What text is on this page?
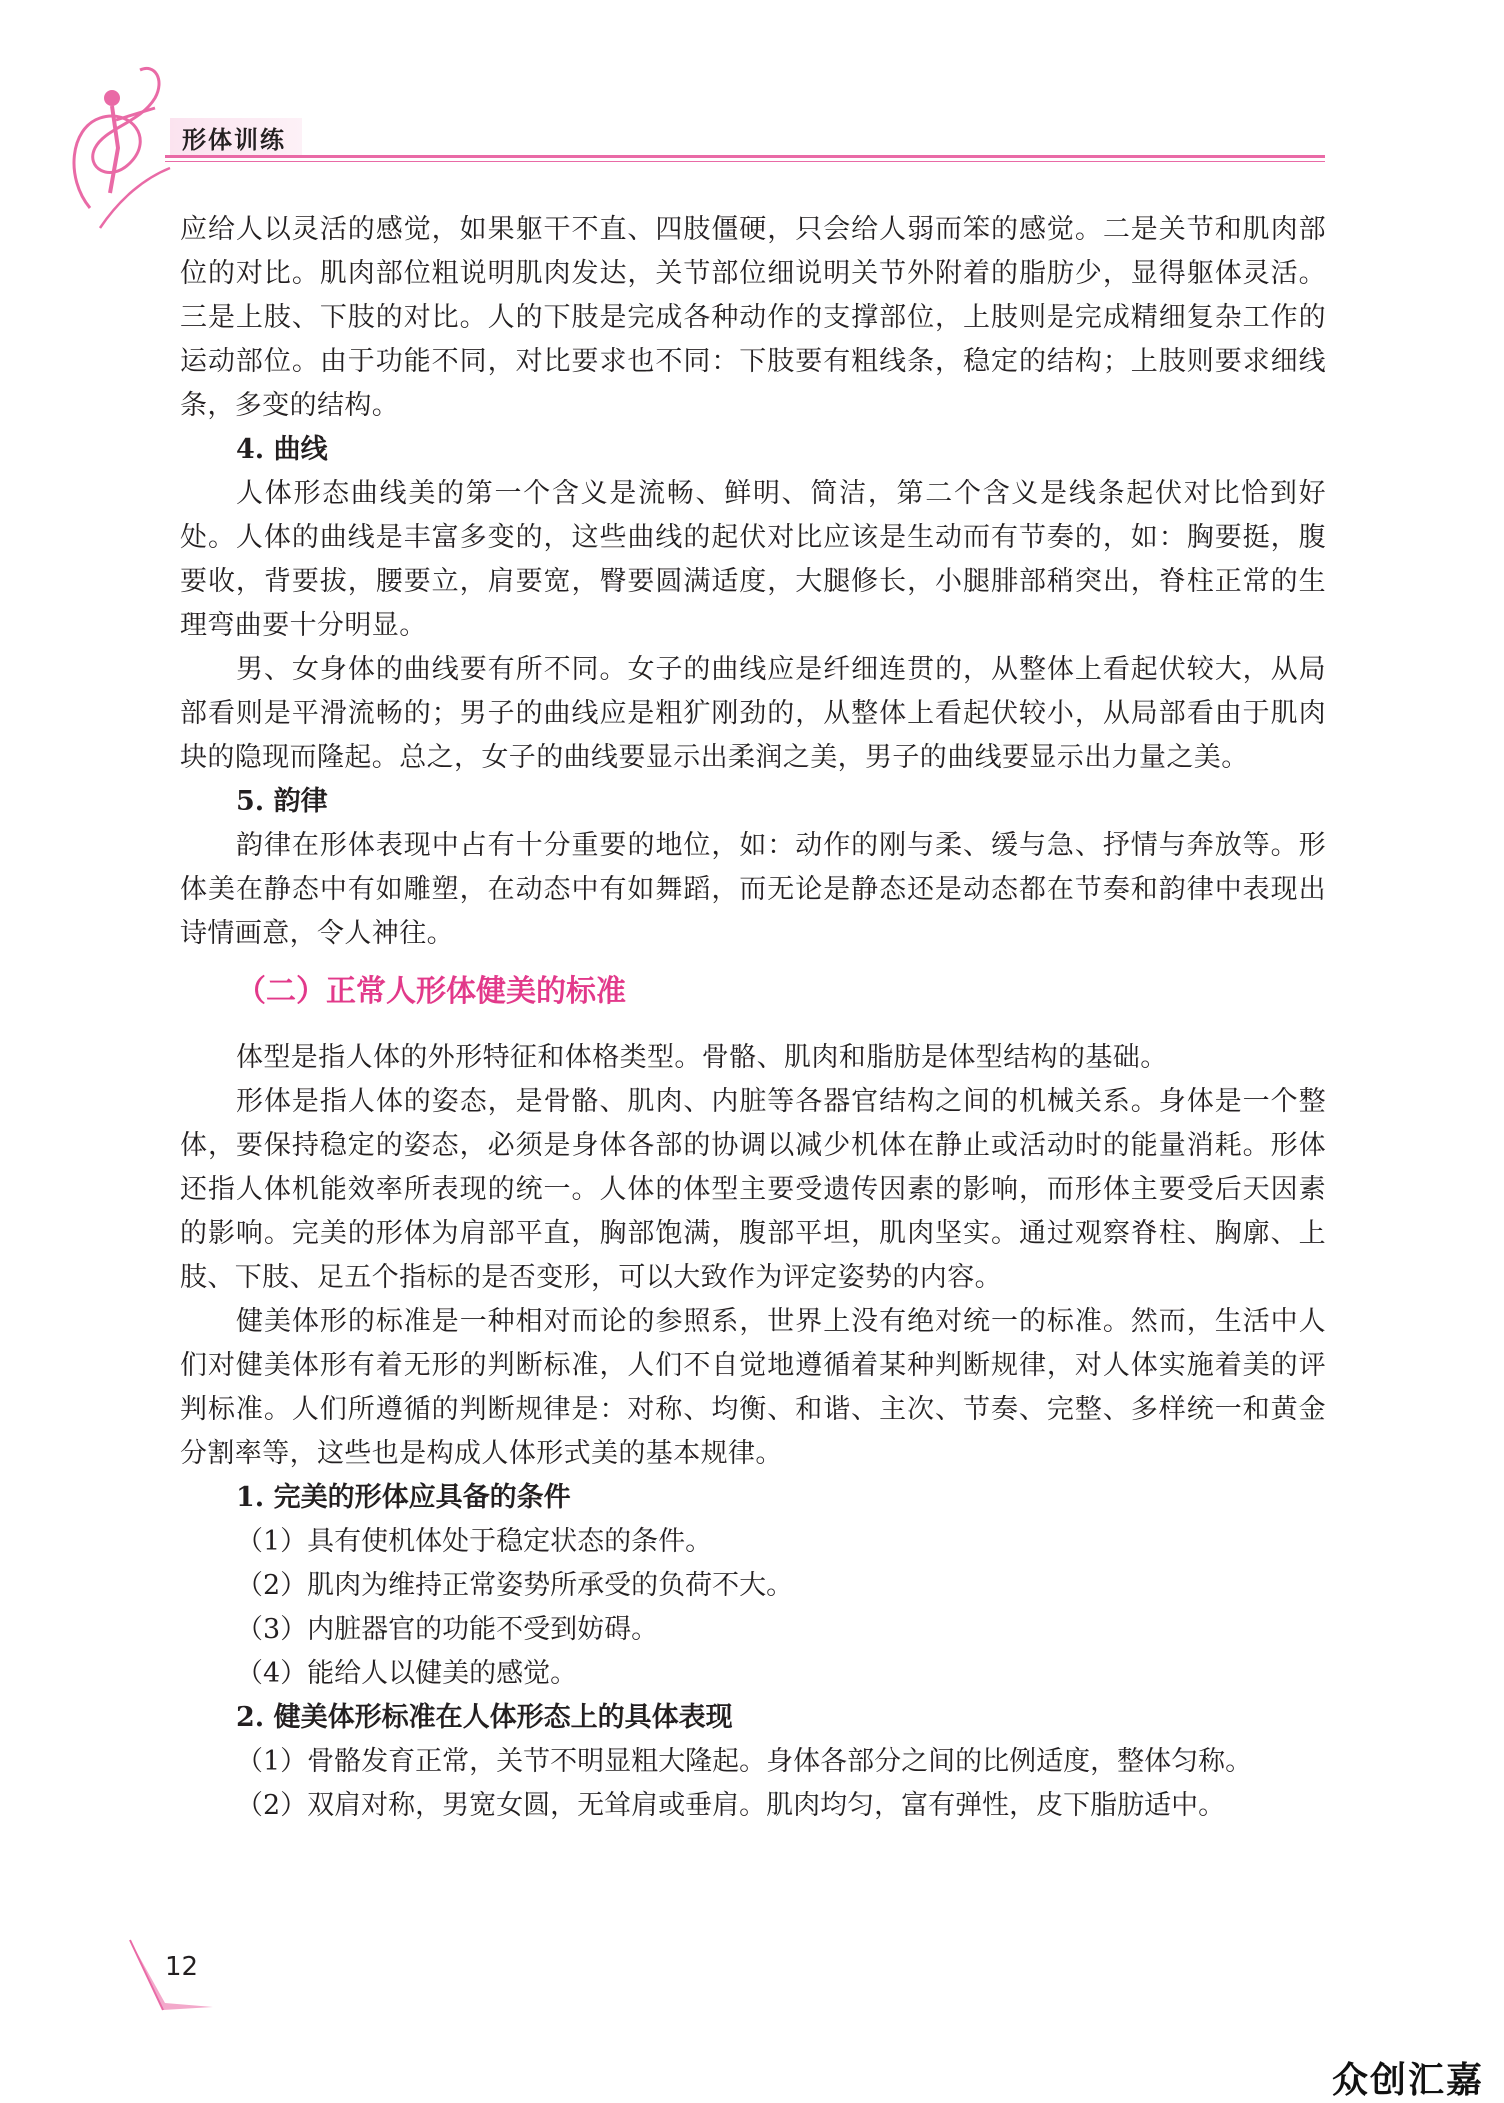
形体训练

应给人以灵活的感觉，如果躯干不直、四肢僵硬，只会给人弱而笨的感觉。二是关节和肌肉部位的对比。肌肉部位粗说明肌肉发达，关节部位细说明关节外附着的脂肪少，显得躯体灵活。三是上肢、下肢的对比。人的下肢是完成各种动作的支撑部位，上肢则是完成精细复杂工作的运动部位。由于功能不同，对比要求也不同：下肢要有粗线条，稳定的结构；上肢则要求细线条，多变的结构。

4. 曲线

人体形态曲线美的第一个含义是流畅、鲜明、简洁，第二个含义是线条起伏对比恰到好处。人体的曲线是丰富多变的，这些曲线的起伏对比应该是生动而有节奏的，如：胸要挺，腹要收，背要拔，腰要立，肩要宽，臀要圆满适度，大腿修长，小腿腓部稍突出，脊柱正常的生理弯曲要十分明显。

男、女身体的曲线要有所不同。女子的曲线应是纤细连贯的，从整体上看起伏较大，从局部看则是平滑流畅的；男子的曲线应是粗犷刚劲的，从整体上看起伏较小，从局部看由于肌肉块的隐现而隆起。总之，女子的曲线要显示出柔润之美，男子的曲线要显示出力量之美。

5. 韵律

韵律在形体表现中占有十分重要的地位，如：动作的刚与柔、缓与急、抒情与奔放等。形体美在静态中有如雕塑，在动态中有如舞蹈，而无论是静态还是动态都在节奏和韵律中表现出诗情画意，令人神往。

（二）正常人形体健美的标准

体型是指人体的外形特征和体格类型。骨骼、肌肉和脂肪是体型结构的基础。

形体是指人体的姿态，是骨骼、肌肉、内脏等各器官结构之间的机械关系。身体是一个整体，要保持稳定的姿态，必须是身体各部的协调以减少机体在静止或活动时的能量消耗。形体还指人体机能效率所表现的统一。人体的体型主要受遗传因素的影响，而形体主要受后天因素的影响。完美的形体为肩部平直，胸部饱满，腹部平坦，肌肉坚实。通过观察脊柱、胸廓、上肢、下肢、足五个指标的是否变形，可以大致作为评定姿势的内容。

健美体形的标准是一种相对而论的参照系，世界上没有绝对统一的标准。然而，生活中人们对健美体形有着无形的判断标准，人们不自觉地遵循着某种判断规律，对人体实施着美的评判标准。人们所遵循的判断规律是：对称、均衡、和谐、主次、节奏、完整、多样统一和黄金分割率等，这些也是构成人体形式美的基本规律。

1. 完美的形体应具备的条件

（1）具有使机体处于稳定状态的条件。

（2）肌肉为维持正常姿势所承受的负荷不大。

（3）内脏器官的功能不受到妨碍。

（4）能给人以健美的感觉。

2. 健美体形标准在人体形态上的具体表现

（1）骨骼发育正常，关节不明显粗大隆起。身体各部分之间的比例适度，整体匀称。

（2）双肩对称，男宽女圆，无耸肩或垂肩。肌肉均匀，富有弹性，皮下脂肪适中。

12
众创汇嘉
